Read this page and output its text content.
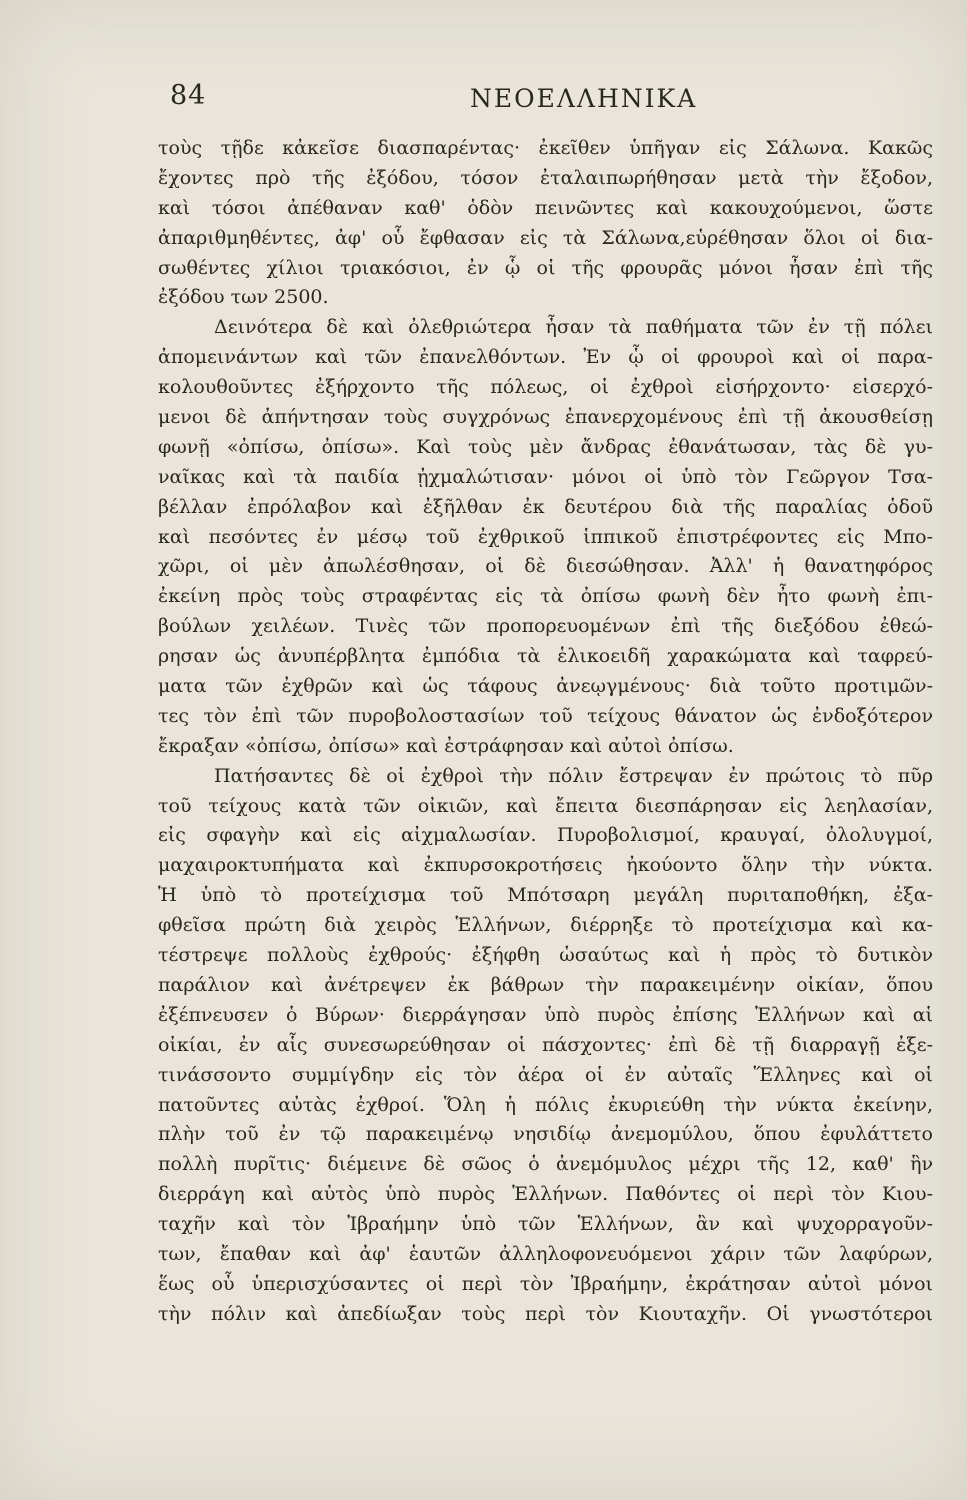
84	ΝΕΟΕΛΛΗΝΙΚΑ
τοὺς τῇδε κἀκεῖσε διασπαρέντας· ἐκεῖθεν ὑπῆγαν εἰς Σάλωνα. Κακῶς
ἔχοντες πρὸ τῆς ἐξόδου, τόσον ἐταλαιπωρήθησαν μετὰ τὴν ἔξοδον,
καὶ τόσοι ἀπέθαναν καθ' ὁδὸν πεινῶντες καὶ κακουχούμενοι, ὥστε
ἀπαριθμηθέντες, ἀφ' οὗ ἔφθασαν εἰς τὰ Σάλωνα,εὑρέθησαν ὅλοι οἱ δια-
σωθέντες χίλιοι τριακόσιοι, ἐν ᾧ οἱ τῆς φρουρᾶς μόνοι ἦσαν ἐπὶ τῆς
ἐξόδου των 2500.
Δεινότερα δὲ καὶ ὀλεθριώτερα ἦσαν τὰ παθήματα τῶν ἐν τῇ πόλει
ἀπομεινάντων καὶ τῶν ἐπανελθόντων. Ἐν ᾧ οἱ φρουροὶ καὶ οἱ παρα-
κολουθοῦντες ἐξήρχοντο τῆς πόλεως, οἱ ἐχθροὶ εἰσήρχοντο· εἰσερχό-
μενοι δὲ ἀπήντησαν τοὺς συγχρόνως ἐπανερχομένους ἐπὶ τῇ ἀκουσθείσῃ
φωνῇ «ὀπίσω, ὀπίσω». Καὶ τοὺς μὲν ἄνδρας ἐθανάτωσαν, τὰς δὲ γυ-
ναῖκας καὶ τὰ παιδία ᾐχμαλώτισαν· μόνοι οἱ ὑπὸ τὸν Γεῶργον Τσα-
βέλλαν ἐπρόλαβον καὶ ἐξῆλθαν ἐκ δευτέρου διὰ τῆς παραλίας ὁδοῦ
καὶ πεσόντες ἐν μέσῳ τοῦ ἐχθρικοῦ ἱππικοῦ ἐπιστρέφοντες εἰς Μπο-
χῶρι, οἱ μὲν ἀπωλέσθησαν, οἱ δὲ διεσώθησαν. Ἀλλ' ἡ θανατηφόρος
ἐκείνη πρὸς τοὺς στραφέντας εἰς τὰ ὀπίσω φωνὴ δὲν ἦτο φωνὴ ἐπι-
βούλων χειλέων. Τινὲς τῶν προπορευομένων ἐπὶ τῆς διεξόδου ἐθεώ-
ρησαν ὡς ἀνυπέρβλητα ἐμπόδια τὰ ἑλικοειδῆ χαρακώματα καὶ ταφρεύ-
ματα τῶν ἐχθρῶν καὶ ὡς τάφους ἀνεῳγμένους· διὰ τοῦτο προτιμῶν-
τες τὸν ἐπὶ τῶν πυροβολοστασίων τοῦ τείχους θάνατον ὡς ἐνδοξότερον
ἔκραξαν «ὀπίσω, ὀπίσω» καὶ ἐστράφησαν καὶ αὐτοὶ ὀπίσω.
Πατήσαντες δὲ οἱ ἐχθροὶ τὴν πόλιν ἔστρεψαν ἐν πρώτοις τὸ πῦρ
τοῦ τείχους κατὰ τῶν οἰκιῶν, καὶ ἔπειτα διεσπάρησαν εἰς λεηλασίαν,
εἰς σφαγὴν καὶ εἰς αἰχμαλωσίαν. Πυροβολισμοί, κραυγαί, ὀλολυγμοί,
μαχαιροκτυπήματα καὶ ἐκπυρσοκροτήσεις ἠκούοντο ὅλην τὴν νύκτα.
Ἡ ὑπὸ τὸ προτείχισμα τοῦ Μπότσαρη μεγάλη πυριταποθήκη, ἐξα-
φθεῖσα πρώτη διὰ χειρὸς Ἑλλήνων, διέρρηξε τὸ προτείχισμα καὶ κα-
τέστρεψε πολλοὺς ἐχθρούς· ἐξήφθη ὡσαύτως καὶ ἡ πρὸς τὸ δυτικὸν
παράλιον καὶ ἀνέτρεψεν ἐκ βάθρων τὴν παρακειμένην οἰκίαν, ὅπου
ἐξέπνευσεν ὁ Βύρων· διερράγησαν ὑπὸ πυρὸς ἐπίσης Ἑλλήνων καὶ αἱ
οἰκίαι, ἐν αἷς συνεσωρεύθησαν οἱ πάσχοντες· ἐπὶ δὲ τῇ διαρραγῇ ἐξε-
τινάσσοντο συμμίγδην εἰς τὸν ἀέρα οἱ ἐν αὐταῖς Ἕλληνες καὶ οἱ
πατοῦντες αὐτὰς ἐχθροί. Ὅλη ἡ πόλις ἐκυριεύθη τὴν νύκτα ἐκείνην,
πλὴν τοῦ ἐν τῷ παρακειμένῳ νησιδίῳ ἀνεμομύλου, ὅπου ἐφυλάττετο
πολλὴ πυρῖτις· διέμεινε δὲ σῶος ὁ ἀνεμόμυλος μέχρι τῆς 12, καθ' ἣν
διερράγη καὶ αὐτὸς ὑπὸ πυρὸς Ἑλλήνων. Παθόντες οἱ περὶ τὸν Κιου-
ταχῆν καὶ τὸν Ἰβραήμην ὑπὸ τῶν Ἑλλήνων, ἂν καὶ ψυχορραγοῦν-
των, ἔπαθαν καὶ ἀφ' ἑαυτῶν ἀλληλοφονευόμενοι χάριν τῶν λαφύρων,
ἕως οὗ ὑπερισχύσαντες οἱ περὶ τὸν Ἰβραήμην, ἐκράτησαν αὐτοὶ μόνοι
τὴν πόλιν καὶ ἀπεδίωξαν τοὺς περὶ τὸν Κιουταχῆν. Οἱ γνωστότεροι
